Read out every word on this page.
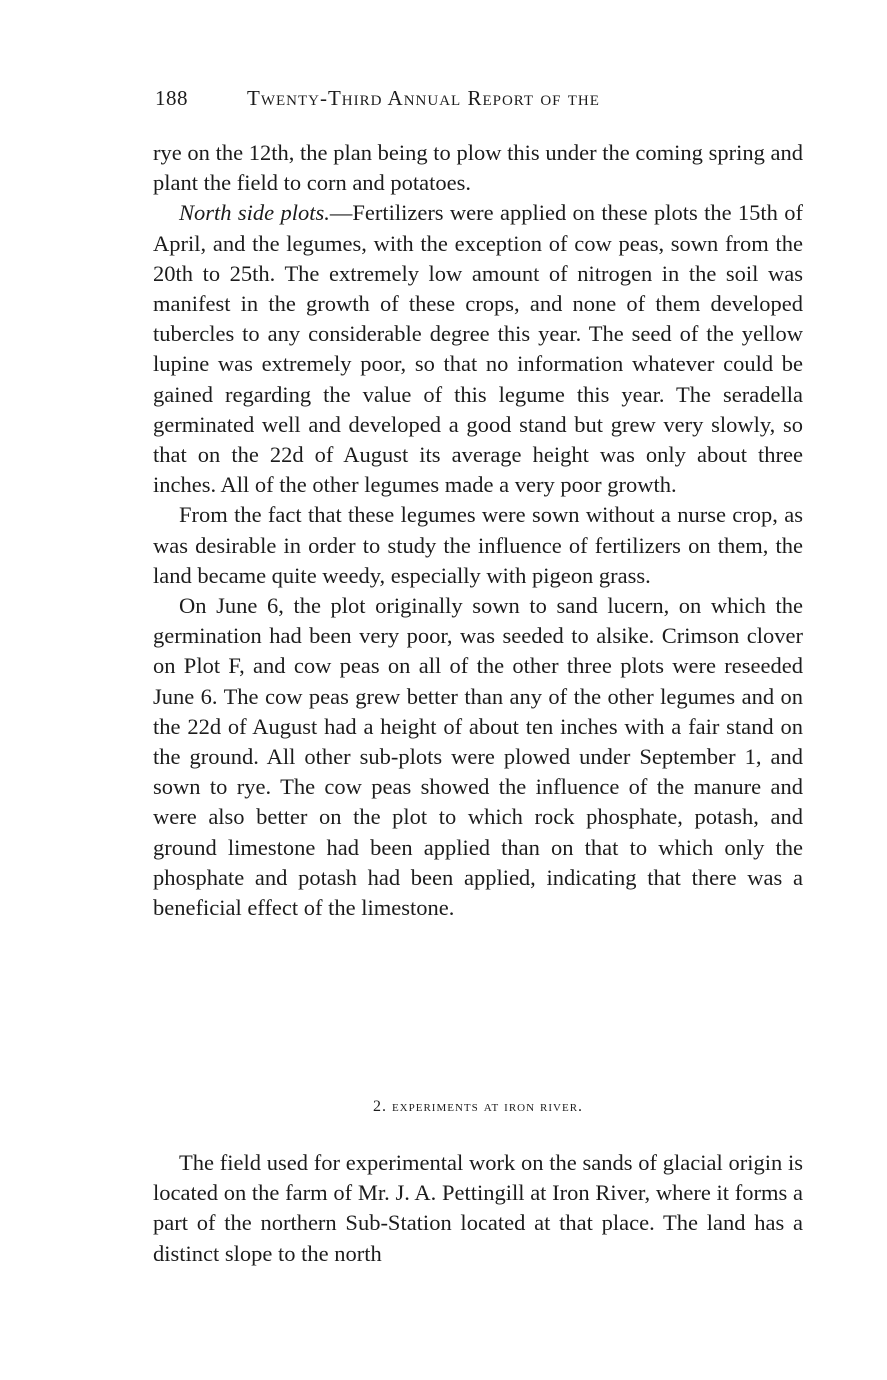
188	Twenty-Third Annual Report of the

rye on the 12th, the plan being to plow this under the coming spring and plant the field to corn and potatoes.

North side plots.—Fertilizers were applied on these plots the 15th of April, and the legumes, with the exception of cow peas, sown from the 20th to 25th. The extremely low amount of nitrogen in the soil was manifest in the growth of these crops, and none of them developed tubercles to any considerable degree this year. The seed of the yellow lupine was extremely poor, so that no information whatever could be gained regarding the value of this legume this year. The seradella germinated well and developed a good stand but grew very slowly, so that on the 22d of August its average height was only about three inches. All of the other legumes made a very poor growth.

From the fact that these legumes were sown without a nurse crop, as was desirable in order to study the influence of fertilizers on them, the land became quite weedy, especially with pigeon grass.

On June 6, the plot originally sown to sand lucern, on which the germination had been very poor, was seeded to alsike. Crimson clover on Plot F, and cow peas on all of the other three plots were reseeded June 6. The cow peas grew better than any of the other legumes and on the 22d of August had a height of about ten inches with a fair stand on the ground. All other sub-plots were plowed under September 1, and sown to rye. The cow peas showed the influence of the manure and were also better on the plot to which rock phosphate, potash, and ground limestone had been applied than on that to which only the phosphate and potash had been applied, indicating that there was a beneficial effect of the limestone.

2. experiments at iron river.

The field used for experimental work on the sands of glacial origin is located on the farm of Mr. J. A. Pettingill at Iron River, where it forms a part of the northern Sub-Station located at that place. The land has a distinct slope to the north
